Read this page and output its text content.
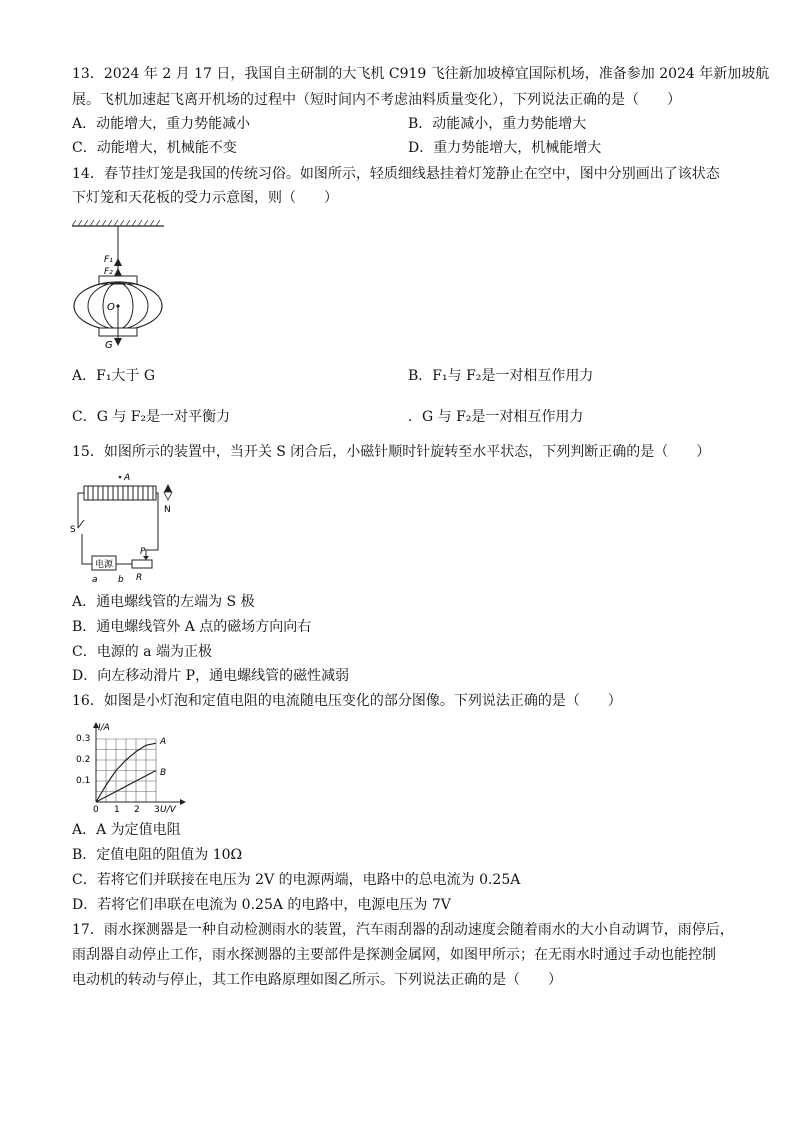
13．2024 年 2 月 17 日，我国自主研制的大飞机 C919 飞往新加坡樟宜国际机场，准备参加 2024 年新加坡航
展。飞机加速起飞离开机场的过程中（短时间内不考虑油料质量变化），下列说法正确的是（　　）
A．动能增大，重力势能减小	B．动能减小，重力势能增大
C．动能增大，机械能不变	D．重力势能增大，机械能增大
14．春节挂灯笼是我国的传统习俗。如图所示，轻质细线悬挂着灯笼静止在空中，图中分别画出了该状态
下灯笼和天花板的受力示意图，则（　　）
F₁
F₂
O
G
A．F₁大于 G	B．F₁与 F₂是一对相互作用力
C．G 与 F₂是一对平衡力	．G 与 F₂是一对相互作用力
15．如图所示的装置中，当开关 S 闭合后，小磁针顺时针旋转至水平状态，下列判断正确的是（　　）
A
N
S
电源
a b
P
R
A．通电螺线管的左端为 S 极
B．通电螺线管外 A 点的磁场方向向右
C．电源的 a 端为正极
D．向左移动滑片 P，通电螺线管的磁性减弱
16．如图是小灯泡和定值电阻的电流随电压变化的部分图像。下列说法正确的是（　　）
I/A
U/V
0.3
0.2
0.1
0 1 2 3
A
B
A．A 为定值电阻
B．定值电阻的阻值为 10Ω
C．若将它们并联接在电压为 2V 的电源两端，电路中的总电流为 0.25A
D．若将它们串联在电流为 0.25A 的电路中，电源电压为 7V
17．雨水探测器是一种自动检测雨水的装置，汽车雨刮器的刮动速度会随着雨水的大小自动调节，雨停后，
雨刮器自动停止工作，雨水探测器的主要部件是探测金属网，如图甲所示；在无雨水时通过手动也能控制
电动机的转动与停止，其工作电路原理如图乙所示。下列说法正确的是（　　）
